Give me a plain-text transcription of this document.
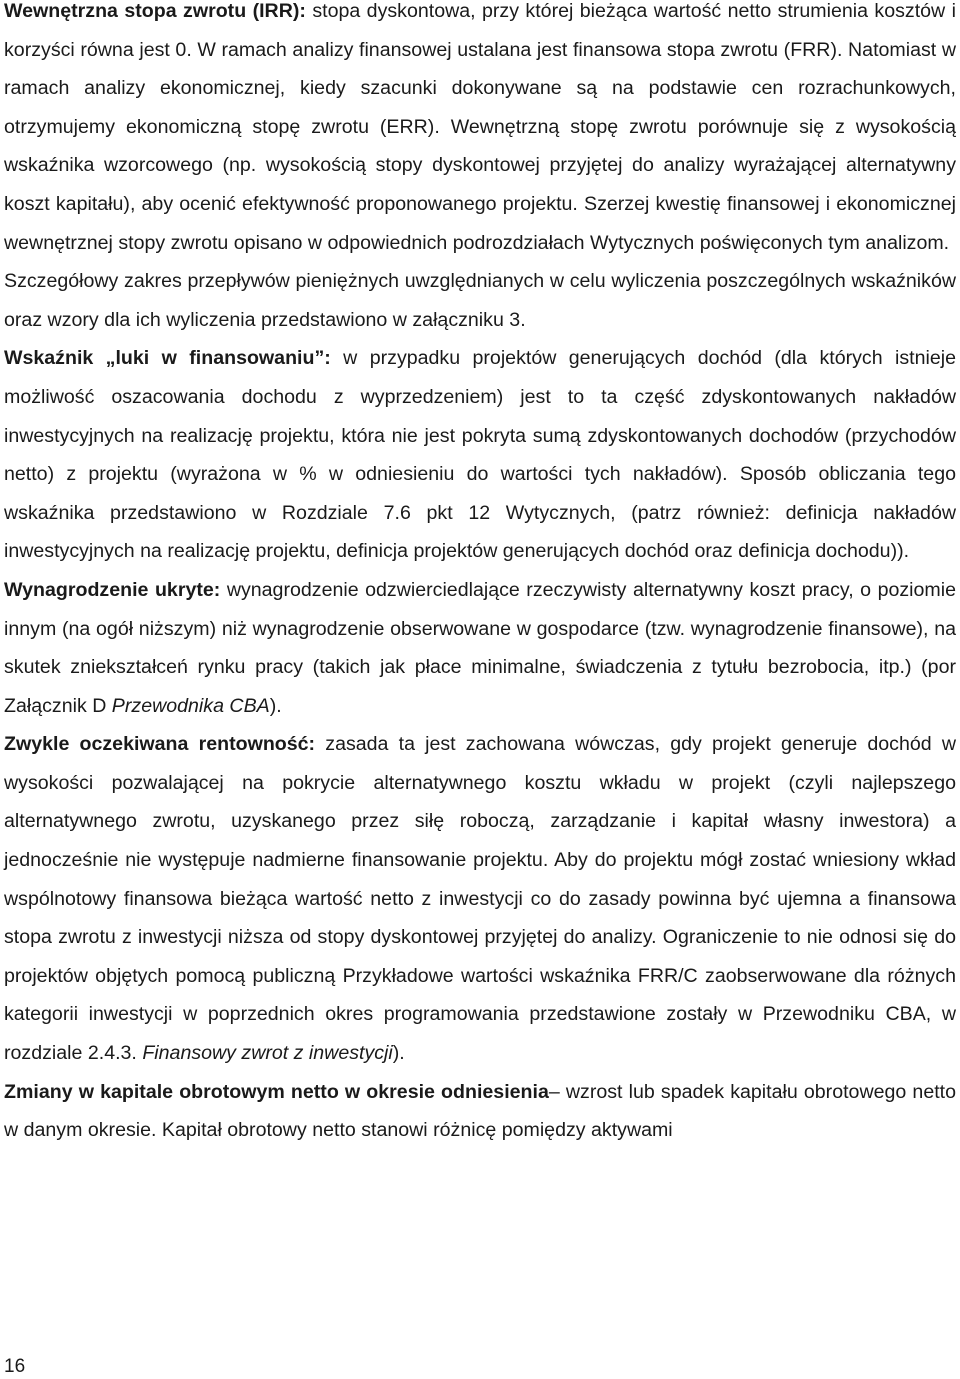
Wewnętrzna stopa zwrotu (IRR): stopa dyskontowa, przy której bieżąca wartość netto strumienia kosztów i korzyści równa jest 0. W ramach analizy finansowej ustalana jest finansowa stopa zwrotu (FRR). Natomiast w ramach analizy ekonomicznej, kiedy szacunki dokonywane są na podstawie cen rozrachunkowych, otrzymujemy ekonomiczną stopę zwrotu (ERR). Wewnętrzną stopę zwrotu porównuje się z wysokością wskaźnika wzorcowego (np. wysokością stopy dyskontowej przyjętej do analizy wyrażającej alternatywny koszt kapitału), aby ocenić efektywność proponowanego projektu. Szerzej kwestię finansowej i ekonomicznej wewnętrznej stopy zwrotu opisano w odpowiednich podrozdziałach Wytycznych poświęconych tym analizom.

Szczegółowy zakres przepływów pieniężnych uwzględnianych w celu wyliczenia poszczególnych wskaźników oraz wzory dla ich wyliczenia przedstawiono w załączniku 3.

Wskaźnik „luki w finansowaniu”: w przypadku projektów generujących dochód (dla których istnieje możliwość oszacowania dochodu z wyprzedzeniem) jest to ta część zdyskontowanych nakładów inwestycyjnych na realizację projektu, która nie jest pokryta sumą zdyskontowanych dochodów (przychodów netto) z projektu (wyrażona w % w odniesieniu do wartości tych nakładów). Sposób obliczania tego wskaźnika przedstawiono w Rozdziale 7.6 pkt 12 Wytycznych, (patrz również: definicja nakładów inwestycyjnych na realizację projektu, definicja projektów generujących dochód oraz definicja dochodu)).

Wynagrodzenie ukryte: wynagrodzenie odzwierciedlające rzeczywisty alternatywny koszt pracy, o poziomie innym (na ogół niższym) niż wynagrodzenie obserwowane w gospodarce (tzw. wynagrodzenie finansowe), na skutek zniekształceń rynku pracy (takich jak płace minimalne, świadczenia z tytułu bezrobocia, itp.) (por Załącznik D Przewodnika CBA).

Zwykle oczekiwana rentowność: zasada ta jest zachowana wówczas, gdy projekt generuje dochód w wysokości pozwalającej na pokrycie alternatywnego kosztu wkładu w projekt (czyli najlepszego alternatywnego zwrotu, uzyskanego przez siłę roboczą, zarządzanie i kapitał własny inwestora) a jednocześnie nie występuje nadmierne finansowanie projektu. Aby do projektu mógł zostać wniesiony wkład wspólnotowy finansowa bieżąca wartość netto z inwestycji co do zasady powinna być ujemna a finansowa stopa zwrotu z inwestycji niższa od stopy dyskontowej przyjętej do analizy. Ograniczenie to nie odnosi się do projektów objętych pomocą publiczną Przykładowe wartości wskaźnika FRR/C zaobserwowane dla różnych kategorii inwestycji w poprzednich okres programowania przedstawione zostały w Przewodniku CBA, w rozdziale 2.4.3. Finansowy zwrot z inwestycji).

Zmiany w kapitale obrotowym netto w okresie odniesienia– wzrost lub spadek kapitału obrotowego netto w danym okresie. Kapitał obrotowy netto stanowi różnicę pomiędzy aktywami

16
